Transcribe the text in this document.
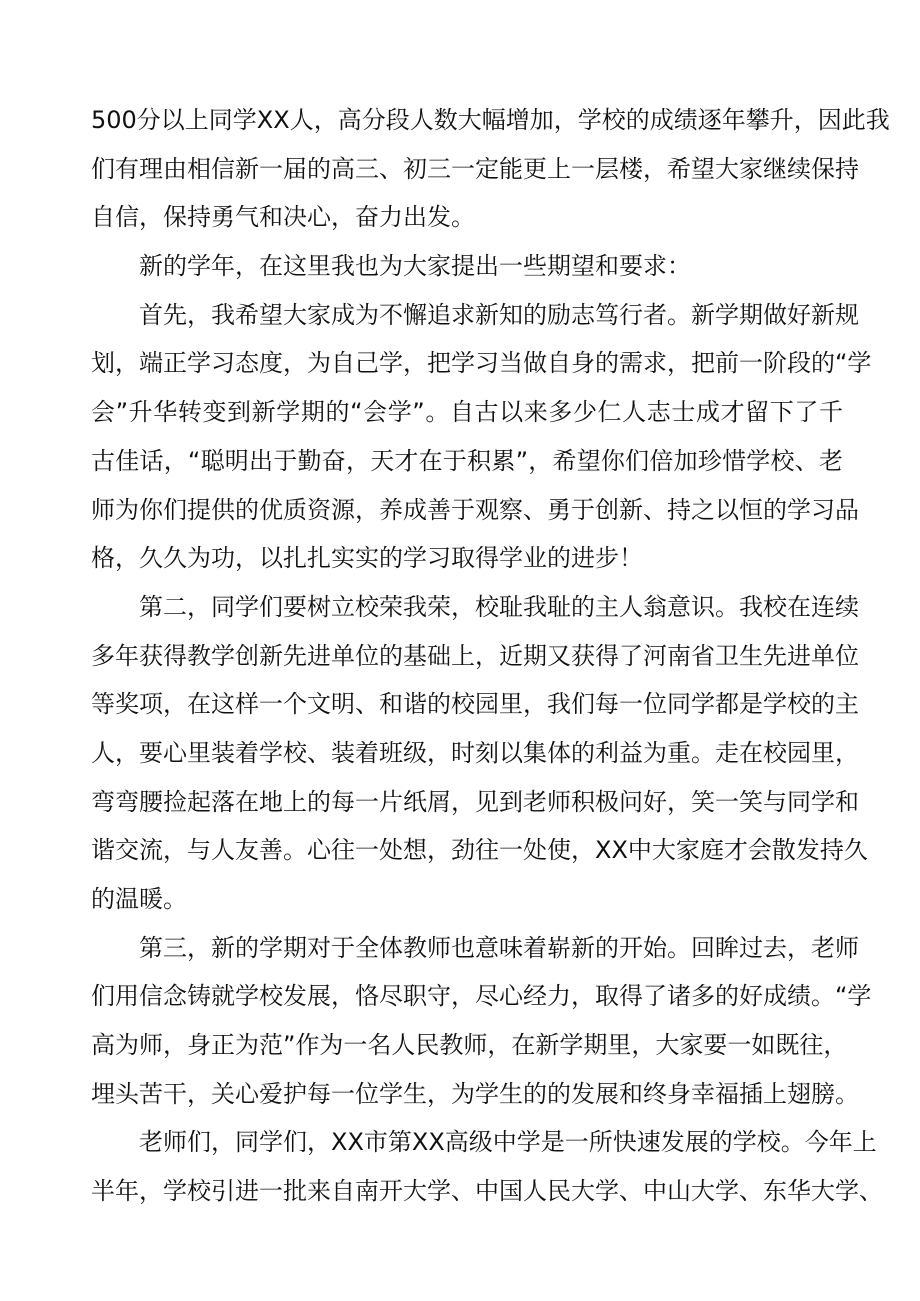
500分以上同学XX人，高分段人数大幅增加，学校的成绩逐年攀升，因此我
们有理由相信新一届的高三、初三一定能更上一层楼，希望大家继续保持
自信，保持勇气和决心，奋力出发。
新的学年，在这里我也为大家提出一些期望和要求：
首先，我希望大家成为不懈追求新知的励志笃行者。新学期做好新规
划，端正学习态度，为自己学，把学习当做自身的需求，把前一阶段的“学
会”升华转变到新学期的“会学”。自古以来多少仁人志士成才留下了千
古佳话，“聪明出于勤奋，天才在于积累”，希望你们倍加珍惜学校、老
师为你们提供的优质资源，养成善于观察、勇于创新、持之以恒的学习品
格，久久为功，以扎扎实实的学习取得学业的进步！
第二，同学们要树立校荣我荣，校耻我耻的主人翁意识。我校在连续
多年获得教学创新先进单位的基础上，近期又获得了河南省卫生先进单位
等奖项，在这样一个文明、和谐的校园里，我们每一位同学都是学校的主
人，要心里装着学校、装着班级，时刻以集体的利益为重。走在校园里，
弯弯腰捡起落在地上的每一片纸屑，见到老师积极问好，笑一笑与同学和
谐交流，与人友善。心往一处想，劲往一处使，XX中大家庭才会散发持久
的温暖。
第三，新的学期对于全体教师也意味着崭新的开始。回眸过去，老师
们用信念铸就学校发展，恪尽职守，尽心经力，取得了诸多的好成绩。“学
高为师，身正为范”作为一名人民教师，在新学期里，大家要一如既往，
埋头苦干，关心爱护每一位学生，为学生的的发展和终身幸福插上翅膀。
老师们，同学们，XX市第XX高级中学是一所快速发展的学校。今年上
半年，学校引进一批来自南开大学、中国人民大学、中山大学、东华大学、
